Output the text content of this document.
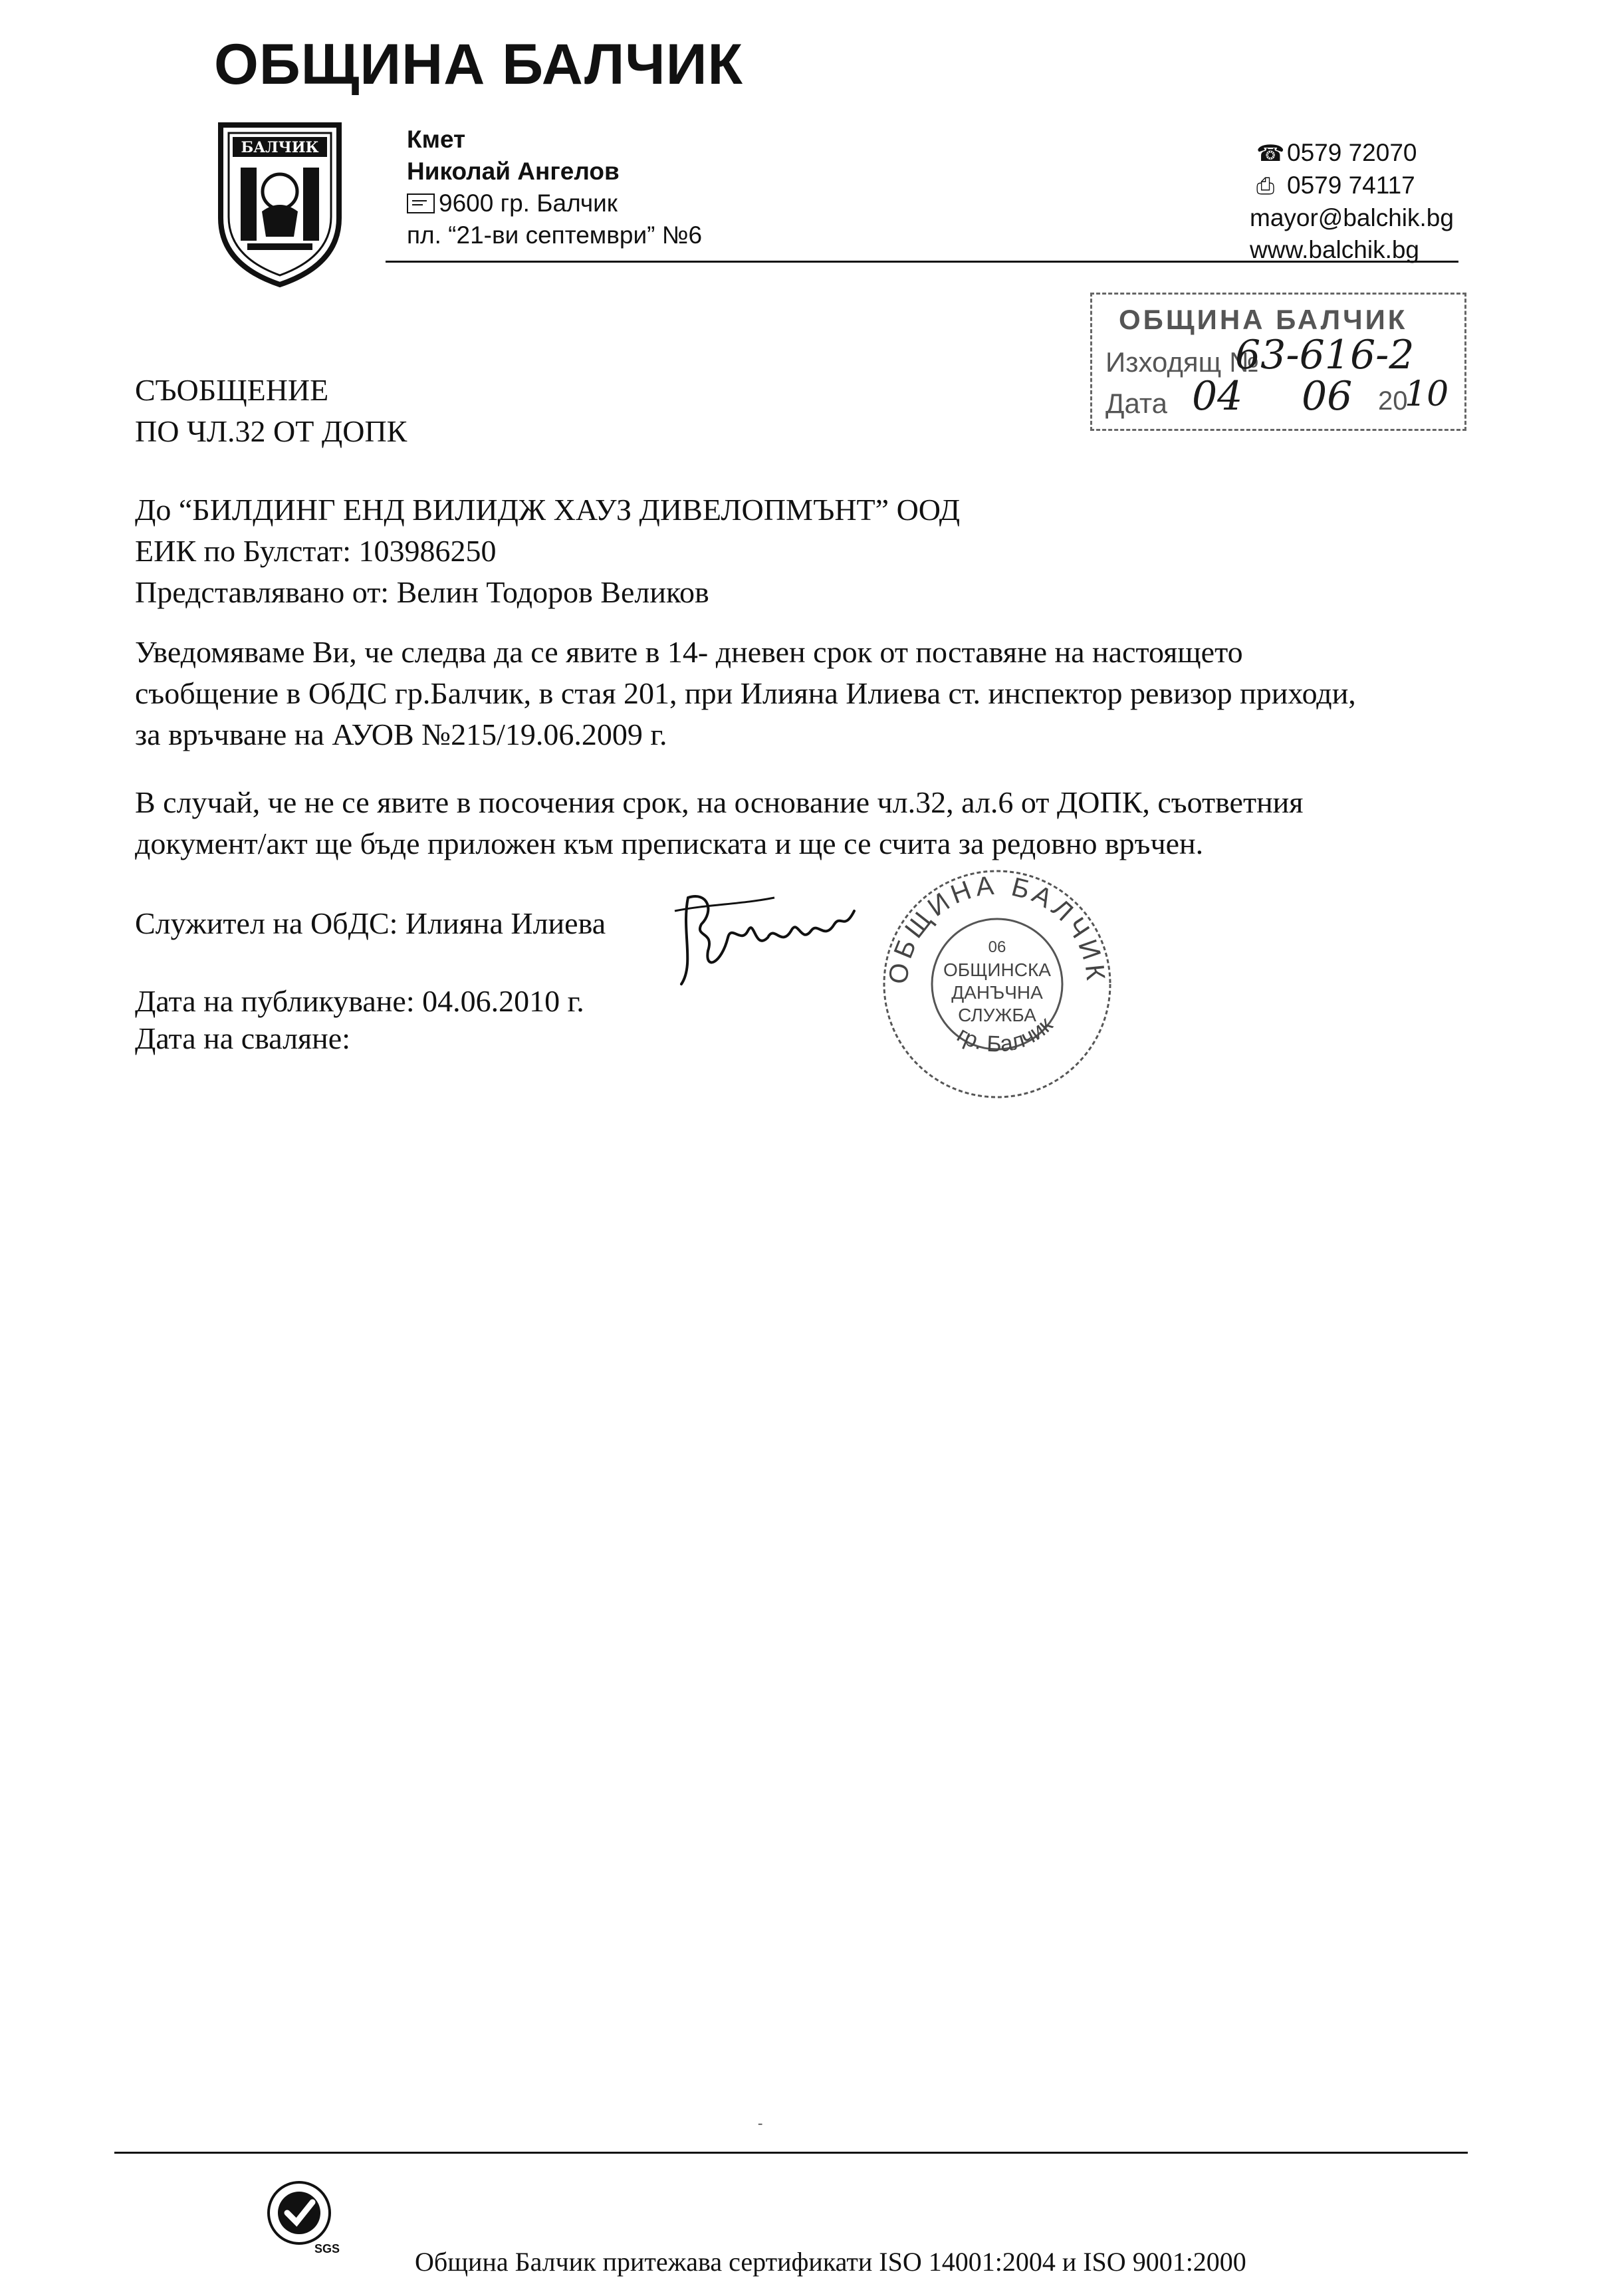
ОБЩИНА БАЛЧИК
БАЛЧИК	Кмет
Николай Ангелов
9600 гр. Балчик
пл. “21-ви септември” №6
☎0579 72070
⎙ 0579 74117
mayor@balchik.bg
www.balchik.bg
ОБЩИНА БАЛЧИК
Изходящ №
Дата
63-616-2
04 06 20
10
СЪОБЩЕНИЕ
ПО ЧЛ.32 ОТ ДОПК
До “БИЛДИНГ ЕНД ВИЛИДЖ ХАУЗ ДИВЕЛОПМЪНТ” ООД
ЕИК по Булстат: 103986250
Представлявано от: Велин Тодоров Великов
Уведомяваме Ви, че следва да се явите в 14- дневен срок от поставяне на настоящето
съобщение в ОбДС гр.Балчик, в стая 201, при Илияна Илиева ст. инспектор ревизор приходи,
за връчване на АУОВ №215/19.06.2009 г.
В случай, че не се явите в посочения срок, на основание чл.32, ал.6 от ДОПК, съответния
документ/акт ще бъде приложен към преписката и ще се счита за редовно връчен.
Служител на ОбДС: Илияна Илиева
ОБЩИНА БАЛЧИК
гр. Балчик
06
ОБЩИНСКА
ДАНЪЧНА
СЛУЖБА
Дата на публикуване: 04.06.2010 г.
Дата на сваляне:
-
SGS	Община Балчик притежава сертификати ISO 14001:2004 и ISO 9001:2000
